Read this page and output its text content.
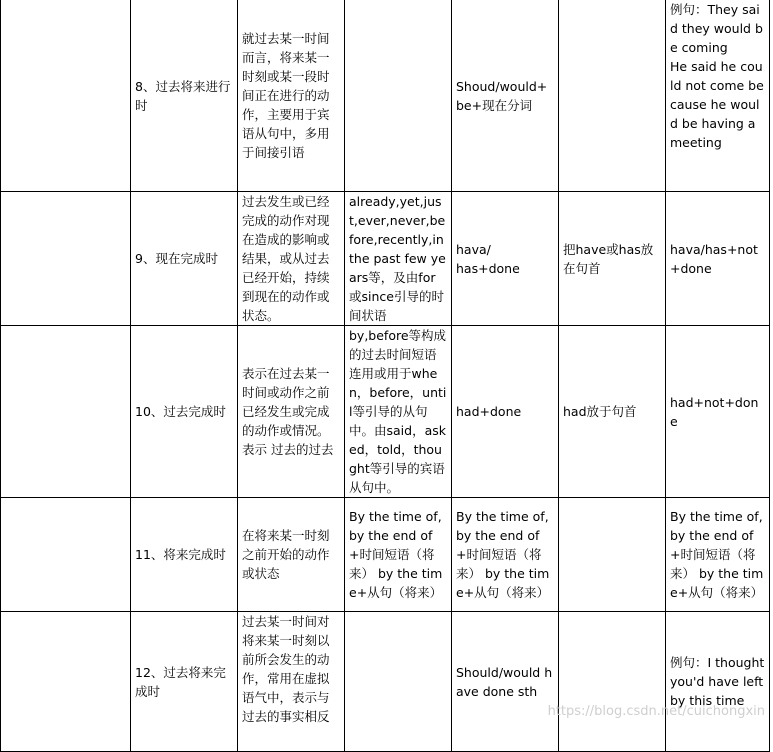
	8、过去将来进行时	就过去某一时间而言，将来某一时刻或某一段时间正在进行的动作，主要用于宾语从句中，多用于间接引语		Shoud/would+be+现在分词		例句：They said they would be coming
He said he could not come because he would be having a meeting
	9、现在完成时	过去发生或已经完成的动作对现在造成的影响或结果，或从过去已经开始，持续到现在的动作或状态。	already,yet,just,ever,never,before,recently,in the past few years等，及由for或since引导的时间状语	hava/
has+done	把have或has放在句首	hava/has+not+done
	10、过去完成时	表示在过去某一时间或动作之前已经发生或完成的动作或情况。表示 过去的过去	by,before等构成的过去时间短语连用或用于when，before，until等引导的从句中。由said，asked，told，thought等引导的宾语从句中。	had+done	had放于句首	had+not+done
	11、将来完成时	在将来某一时刻之前开始的动作或状态	By the time of,by the end of+时间短语（将来） by the time+从句（将来）	By the time of,by the end of+时间短语（将来） by the time+从句（将来）		By the time of,by the end of+时间短语（将来） by the time+从句（将来）
	12、过去将来完成时	过去某一时间对将来某一时刻以前所会发生的动作，常用在虚拟语气中，表示与过去的事实相反		Should/would have done sth		例句：I thought you'd have left by this time
https://blog.csdn.net/cuichongxin
